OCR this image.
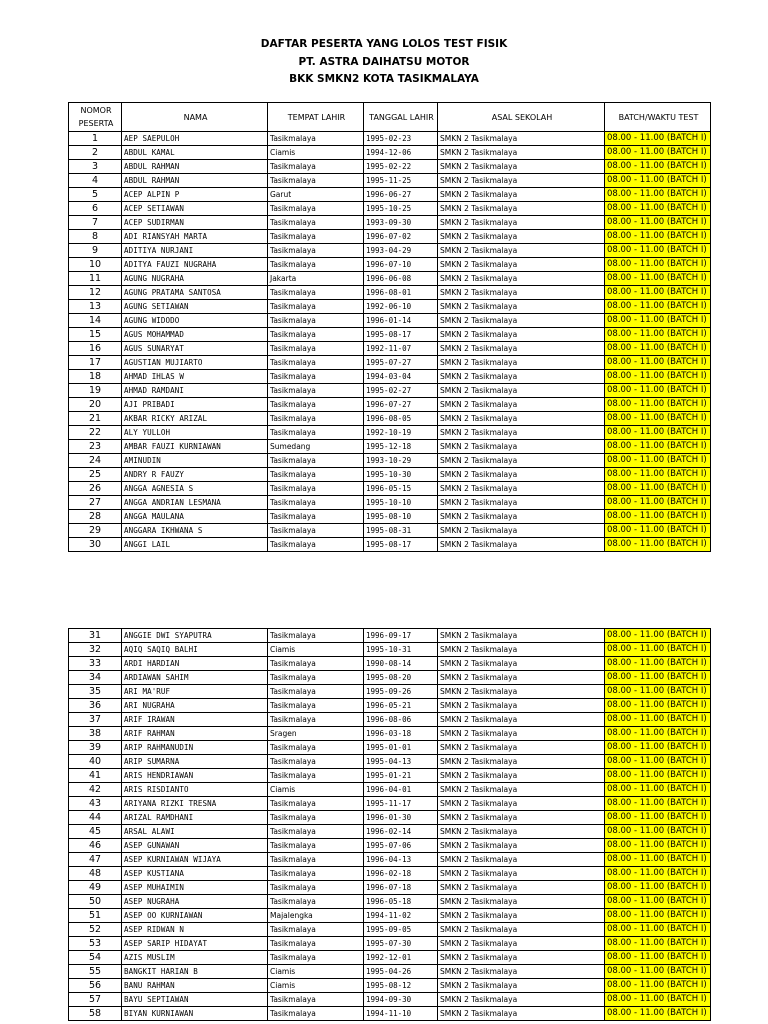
DAFTAR PESERTA YANG LOLOS TEST FISIK
PT. ASTRA DAIHATSU MOTOR
BKK SMKN2 KOTA TASIKMALAYA
NOMOR
PESERTA	NAMA	TEMPAT LAHIR	TANGGAL LAHIR	ASAL SEKOLAH	BATCH/WAKTU TEST
1	AEP SAEPULOH	Tasikmalaya	1995-02-23	SMKN 2 Tasikmalaya	08.00 - 11.00 (BATCH I)
2	ABDUL KAMAL	Ciamis	1994-12-06	SMKN 2 Tasikmalaya	08.00 - 11.00 (BATCH I)
3	ABDUL RAHMAN	Tasikmalaya	1995-02-22	SMKN 2 Tasikmalaya	08.00 - 11.00 (BATCH I)
4	ABDUL RAHMAN	Tasikmalaya	1995-11-25	SMKN 2 Tasikmalaya	08.00 - 11.00 (BATCH I)
5	ACEP ALPIN P	Garut	1996-06-27	SMKN 2 Tasikmalaya	08.00 - 11.00 (BATCH I)
6	ACEP SETIAWAN	Tasikmalaya	1995-10-25	SMKN 2 Tasikmalaya	08.00 - 11.00 (BATCH I)
7	ACEP SUDIRMAN	Tasikmalaya	1993-09-30	SMKN 2 Tasikmalaya	08.00 - 11.00 (BATCH I)
8	ADI RIANSYAH MARTA	Tasikmalaya	1996-07-02	SMKN 2 Tasikmalaya	08.00 - 11.00 (BATCH I)
9	ADITIYA NURJANI	Tasikmalaya	1993-04-29	SMKN 2 Tasikmalaya	08.00 - 11.00 (BATCH I)
10	ADITYA FAUZI NUGRAHA	Tasikmalaya	1996-07-10	SMKN 2 Tasikmalaya	08.00 - 11.00 (BATCH I)
11	AGUNG NUGRAHA	Jakarta	1996-06-08	SMKN 2 Tasikmalaya	08.00 - 11.00 (BATCH I)
12	AGUNG PRATAMA SANTOSA	Tasikmalaya	1996-08-01	SMKN 2 Tasikmalaya	08.00 - 11.00 (BATCH I)
13	AGUNG SETIAWAN	Tasikmalaya	1992-06-10	SMKN 2 Tasikmalaya	08.00 - 11.00 (BATCH I)
14	AGUNG WIDODO	Tasikmalaya	1996-01-14	SMKN 2 Tasikmalaya	08.00 - 11.00 (BATCH I)
15	AGUS MOHAMMAD	Tasikmalaya	1995-08-17	SMKN 2 Tasikmalaya	08.00 - 11.00 (BATCH I)
16	AGUS SUNARYAT	Tasikmalaya	1992-11-07	SMKN 2 Tasikmalaya	08.00 - 11.00 (BATCH I)
17	AGUSTIAN MUJIARTO	Tasikmalaya	1995-07-27	SMKN 2 Tasikmalaya	08.00 - 11.00 (BATCH I)
18	AHMAD IHLAS W	Tasikmalaya	1994-03-04	SMKN 2 Tasikmalaya	08.00 - 11.00 (BATCH I)
19	AHMAD RAMDANI	Tasikmalaya	1995-02-27	SMKN 2 Tasikmalaya	08.00 - 11.00 (BATCH I)
20	AJI PRIBADI	Tasikmalaya	1996-07-27	SMKN 2 Tasikmalaya	08.00 - 11.00 (BATCH I)
21	AKBAR RICKY ARIZAL	Tasikmalaya	1996-08-05	SMKN 2 Tasikmalaya	08.00 - 11.00 (BATCH I)
22	ALY YULLOH	Tasikmalaya	1992-10-19	SMKN 2 Tasikmalaya	08.00 - 11.00 (BATCH I)
23	AMBAR FAUZI KURNIAWAN	Sumedang	1995-12-18	SMKN 2 Tasikmalaya	08.00 - 11.00 (BATCH I)
24	AMINUDIN	Tasikmalaya	1993-10-29	SMKN 2 Tasikmalaya	08.00 - 11.00 (BATCH I)
25	ANDRY R FAUZY	Tasikmalaya	1995-10-30	SMKN 2 Tasikmalaya	08.00 - 11.00 (BATCH I)
26	ANGGA AGNESIA S	Tasikmalaya	1996-05-15	SMKN 2 Tasikmalaya	08.00 - 11.00 (BATCH I)
27	ANGGA ANDRIAN LESMANA	Tasikmalaya	1995-10-10	SMKN 2 Tasikmalaya	08.00 - 11.00 (BATCH I)
28	ANGGA MAULANA	Tasikmalaya	1995-08-10	SMKN 2 Tasikmalaya	08.00 - 11.00 (BATCH I)
29	ANGGARA IKHWANA S	Tasikmalaya	1995-08-31	SMKN 2 Tasikmalaya	08.00 - 11.00 (BATCH I)
30	ANGGI LAIL	Tasikmalaya	1995-08-17	SMKN 2 Tasikmalaya	08.00 - 11.00 (BATCH I)
31	ANGGIE DWI SYAPUTRA	Tasikmalaya	1996-09-17	SMKN 2 Tasikmalaya	08.00 - 11.00 (BATCH I)
32	AQIQ SAQIQ BALHI	Ciamis	1995-10-31	SMKN 2 Tasikmalaya	08.00 - 11.00 (BATCH I)
33	ARDI HARDIAN	Tasikmalaya	1990-08-14	SMKN 2 Tasikmalaya	08.00 - 11.00 (BATCH I)
34	ARDIAWAN SAHIM	Tasikmalaya	1995-08-20	SMKN 2 Tasikmalaya	08.00 - 11.00 (BATCH I)
35	ARI MA'RUF	Tasikmalaya	1995-09-26	SMKN 2 Tasikmalaya	08.00 - 11.00 (BATCH I)
36	ARI NUGRAHA	Tasikmalaya	1996-05-21	SMKN 2 Tasikmalaya	08.00 - 11.00 (BATCH I)
37	ARIF IRAWAN	Tasikmalaya	1996-08-06	SMKN 2 Tasikmalaya	08.00 - 11.00 (BATCH I)
38	ARIF RAHMAN	Sragen	1996-03-18	SMKN 2 Tasikmalaya	08.00 - 11.00 (BATCH I)
39	ARIP RAHMANUDIN	Tasikmalaya	1995-01-01	SMKN 2 Tasikmalaya	08.00 - 11.00 (BATCH I)
40	ARIP SUMARNA	Tasikmalaya	1995-04-13	SMKN 2 Tasikmalaya	08.00 - 11.00 (BATCH I)
41	ARIS HENDRIAWAN	Tasikmalaya	1995-01-21	SMKN 2 Tasikmalaya	08.00 - 11.00 (BATCH I)
42	ARIS RISDIANTO	Ciamis	1996-04-01	SMKN 2 Tasikmalaya	08.00 - 11.00 (BATCH I)
43	ARIYANA RIZKI TRESNA	Tasikmalaya	1995-11-17	SMKN 2 Tasikmalaya	08.00 - 11.00 (BATCH I)
44	ARIZAL RAMDHANI	Tasikmalaya	1996-01-30	SMKN 2 Tasikmalaya	08.00 - 11.00 (BATCH I)
45	ARSAL ALAWI	Tasikmalaya	1996-02-14	SMKN 2 Tasikmalaya	08.00 - 11.00 (BATCH I)
46	ASEP GUNAWAN	Tasikmalaya	1995-07-06	SMKN 2 Tasikmalaya	08.00 - 11.00 (BATCH I)
47	ASEP KURNIAWAN WIJAYA	Tasikmalaya	1996-04-13	SMKN 2 Tasikmalaya	08.00 - 11.00 (BATCH I)
48	ASEP KUSTIANA	Tasikmalaya	1996-02-18	SMKN 2 Tasikmalaya	08.00 - 11.00 (BATCH I)
49	ASEP MUHAIMIN	Tasikmalaya	1996-07-18	SMKN 2 Tasikmalaya	08.00 - 11.00 (BATCH I)
50	ASEP NUGRAHA	Tasikmalaya	1996-05-18	SMKN 2 Tasikmalaya	08.00 - 11.00 (BATCH I)
51	ASEP OO KURNIAWAN	Majalengka	1994-11-02	SMKN 2 Tasikmalaya	08.00 - 11.00 (BATCH I)
52	ASEP RIDWAN N	Tasikmalaya	1995-09-05	SMKN 2 Tasikmalaya	08.00 - 11.00 (BATCH I)
53	ASEP SARIP HIDAYAT	Tasikmalaya	1995-07-30	SMKN 2 Tasikmalaya	08.00 - 11.00 (BATCH I)
54	AZIS MUSLIM	Tasikmalaya	1992-12-01	SMKN 2 Tasikmalaya	08.00 - 11.00 (BATCH I)
55	BANGKIT HARIAN B	Ciamis	1995-04-26	SMKN 2 Tasikmalaya	08.00 - 11.00 (BATCH I)
56	BANU RAHMAN	Ciamis	1995-08-12	SMKN 2 Tasikmalaya	08.00 - 11.00 (BATCH I)
57	BAYU SEPTIAWAN	Tasikmalaya	1994-09-30	SMKN 2 Tasikmalaya	08.00 - 11.00 (BATCH I)
58	BIYAN KURNIAWAN	Tasikmalaya	1994-11-10	SMKN 2 Tasikmalaya	08.00 - 11.00 (BATCH I)
